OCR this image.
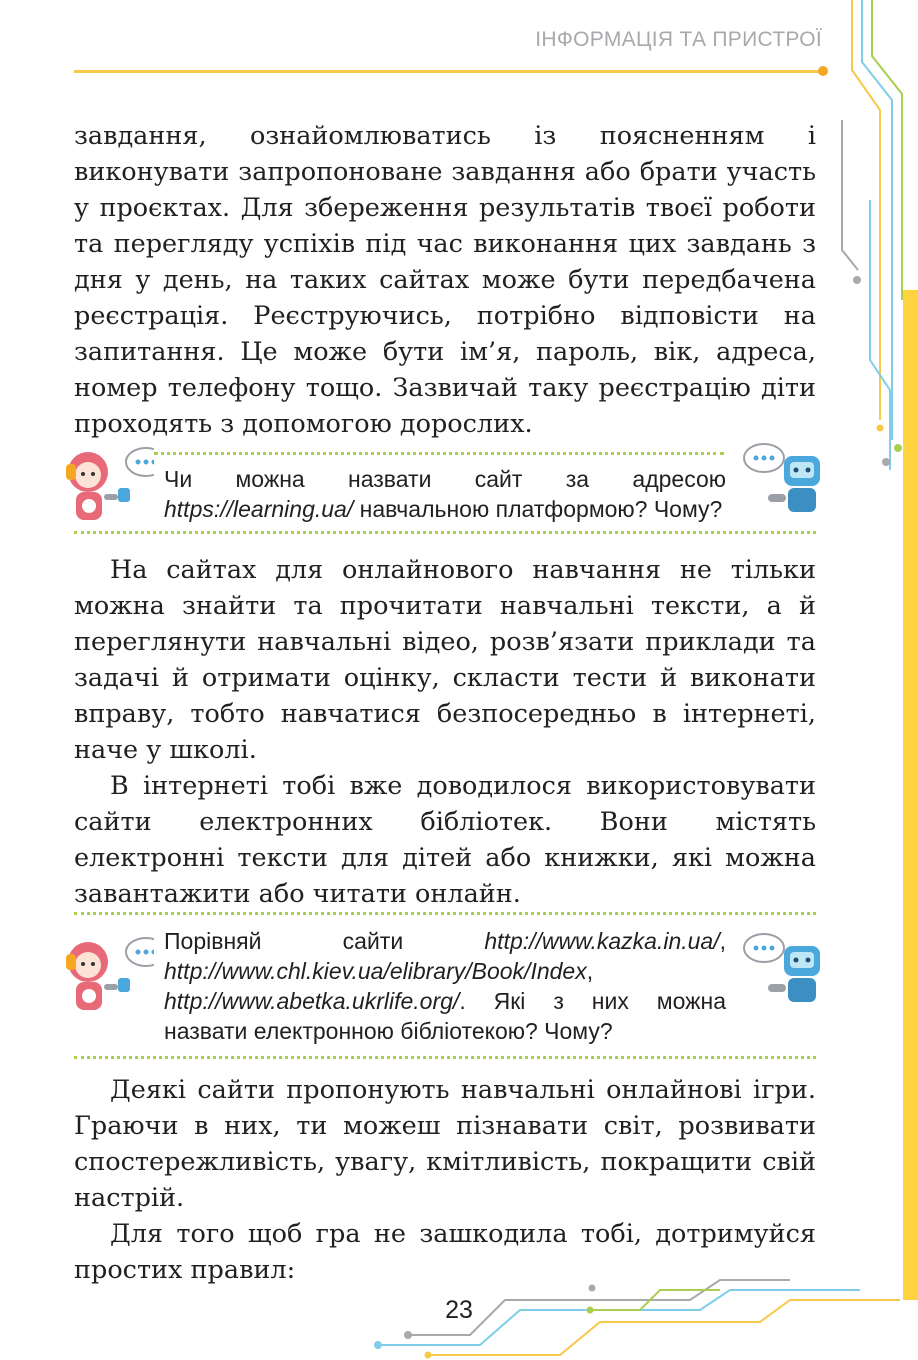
ІНФОРМАЦІЯ ТА ПРИСТРОЇ

завдання, ознайомлюватись із поясненням і виконувати запропоноване завдання або брати участь у проєктах. Для збереження результатів твоєї роботи та перегляду успіхів під час виконання цих завдань з дня у день, на таких сайтах може бути передбачена реєстрація. Реєструючись, потрібно відповісти на запитання. Це може бути ім’я, пароль, вік, адреса, номер телефону тощо. Зазвичай таку реєстрацію діти проходять з допомогою дорослих.

Чи можна назвати сайт за адресою https://learning.ua/ навчальною платформою? Чому?

На сайтах для онлайнового навчання не тільки можна знайти та прочитати навчальні тексти, а й переглянути навчальні відео, розв’язати приклади та задачі й отримати оцінку, скласти тести й виконати вправу, тобто навчатися безпосередньо в інтернеті, наче у школі.

В інтернеті тобі вже доводилося використовувати сайти електронних бібліотек. Вони містять електронні тексти для дітей або книжки, які можна завантажити або читати онлайн.

Порівняй сайти http://www.kazka.in.ua/, http://www.chl.kiev.ua/elibrary/Book/Index, http://www.abetka.ukrlife.org/. Які з них можна назвати електронною бібліотекою? Чому?

Деякі сайти пропонують навчальні онлайнові ігри. Граючи в них, ти можеш пізнавати світ, розвивати спостережливість, увагу, кмітливість, покращити свій настрій.

Для того щоб гра не зашкодила тобі, дотримуйся простих правил:

23
